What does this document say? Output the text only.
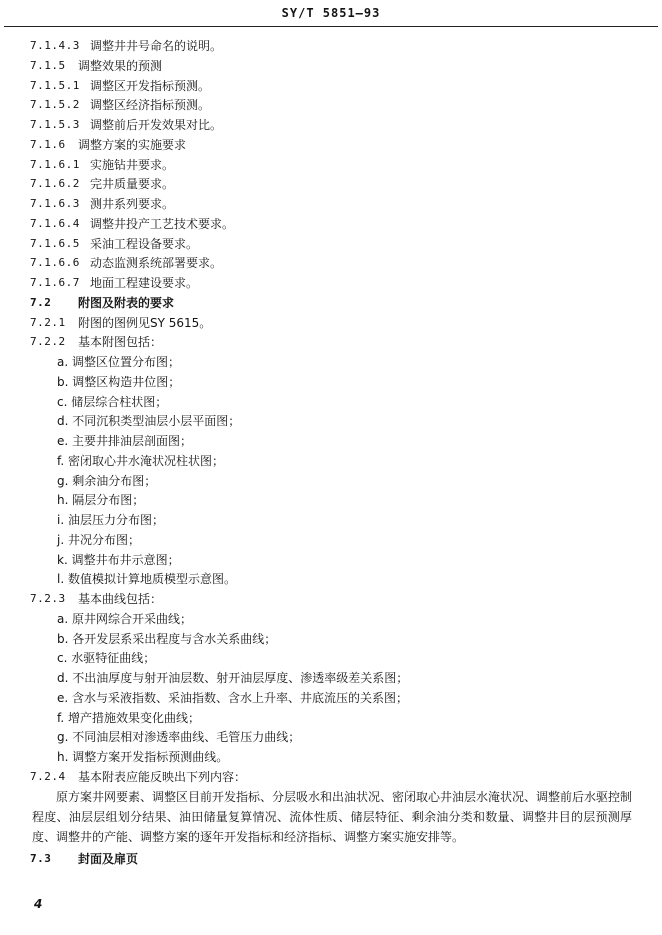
SY/T 5851—93
7.1.4.3 调整井井号命名的说明。
7.1.5 调整效果的预测
7.1.5.1 调整区开发指标预测。
7.1.5.2 调整区经济指标预测。
7.1.5.3 调整前后开发效果对比。
7.1.6 调整方案的实施要求
7.1.6.1 实施钻井要求。
7.1.6.2 完井质量要求。
7.1.6.3 测井系列要求。
7.1.6.4 调整井投产工艺技术要求。
7.1.6.5 采油工程设备要求。
7.1.6.6 动态监测系统部署要求。
7.1.6.7 地面工程建设要求。
7.2 附图及附表的要求
7.2.1 附图的图例见SY 5615。
7.2.2 基本附图包括：
a. 调整区位置分布图；
b. 调整区构造井位图；
c. 储层综合柱状图；
d. 不同沉积类型油层小层平面图；
e. 主要井排油层剖面图；
f. 密闭取心井水淹状况柱状图；
g. 剩余油分布图；
h. 隔层分布图；
i. 油层压力分布图；
j. 井况分布图；
k. 调整井布井示意图；
l. 数值模拟计算地质模型示意图。
7.2.3 基本曲线包括：
a. 原井网综合开采曲线；
b. 各开发层系采出程度与含水关系曲线；
c. 水驱特征曲线；
d. 不出油厚度与射开油层数、射开油层厚度、渗透率级差关系图；
e. 含水与采液指数、采油指数、含水上升率、井底流压的关系图；
f. 增产措施效果变化曲线；
g. 不同油层相对渗透率曲线、毛管压力曲线；
h. 调整方案开发指标预测曲线。
7.2.4 基本附表应能反映出下列内容：
原方案井网要素、调整区目前开发指标、分层吸水和出油状况、密闭取心井油层水淹状况、调整前后水驱控制程度、油层层组划分结果、油田储量复算情况、流体性质、储层特征、剩余油分类和数量、调整井目的层预测厚度、调整井的产能、调整方案的逐年开发指标和经济指标、调整方案实施安排等。
7.3 封面及扉页
4
